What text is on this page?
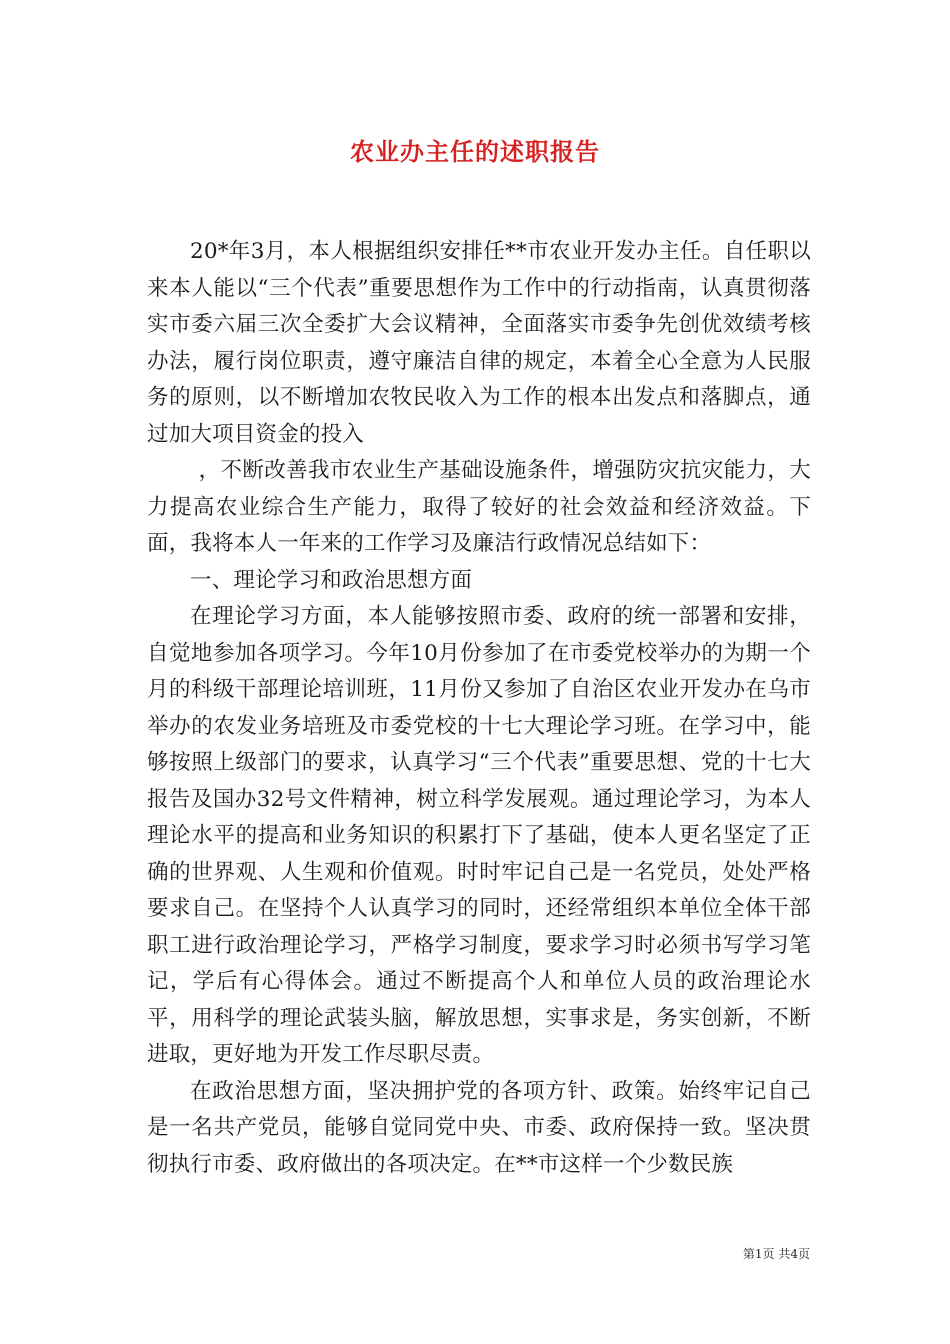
农业办主任的述职报告

20*年3月，本人根据组织安排任**市农业开发办主任。自任职以来本人能以“三个代表”重要思想作为工作中的行动指南，认真贯彻落实市委六届三次全委扩大会议精神，全面落实市委争先创优效绩考核办法，履行岗位职责，遵守廉洁自律的规定，本着全心全意为人民服务的原则，以不断增加农牧民收入为工作的根本出发点和落脚点，通过加大项目资金的投入

，不断改善我市农业生产基础设施条件，增强防灾抗灾能力，大力提高农业综合生产能力，取得了较好的社会效益和经济效益。下面，我将本人一年来的工作学习及廉洁行政情况总结如下：

一、理论学习和政治思想方面

在理论学习方面，本人能够按照市委、政府的统一部署和安排，自觉地参加各项学习。今年10月份参加了在市委党校举办的为期一个月的科级干部理论培训班，11月份又参加了自治区农业开发办在乌市举办的农发业务培班及市委党校的十七大理论学习班。在学习中，能够按照上级部门的要求，认真学习“三个代表”重要思想、党的十七大报告及国办32号文件精神，树立科学发展观。通过理论学习，为本人理论水平的提高和业务知识的积累打下了基础，使本人更名坚定了正确的世界观、人生观和价值观。时时牢记自己是一名党员，处处严格要求自己。在坚持个人认真学习的同时，还经常组织本单位全体干部职工进行政治理论学习，严格学习制度，要求学习时必须书写学习笔记，学后有心得体会。通过不断提高个人和单位人员的政治理论水平，用科学的理论武装头脑，解放思想，实事求是，务实创新，不断进取，更好地为开发工作尽职尽责。

在政治思想方面，坚决拥护党的各项方针、政策。始终牢记自己是一名共产党员，能够自觉同党中央、市委、政府保持一致。坚决贯彻执行市委、政府做出的各项决定。在**市这样一个少数民族

第1页 共4页
